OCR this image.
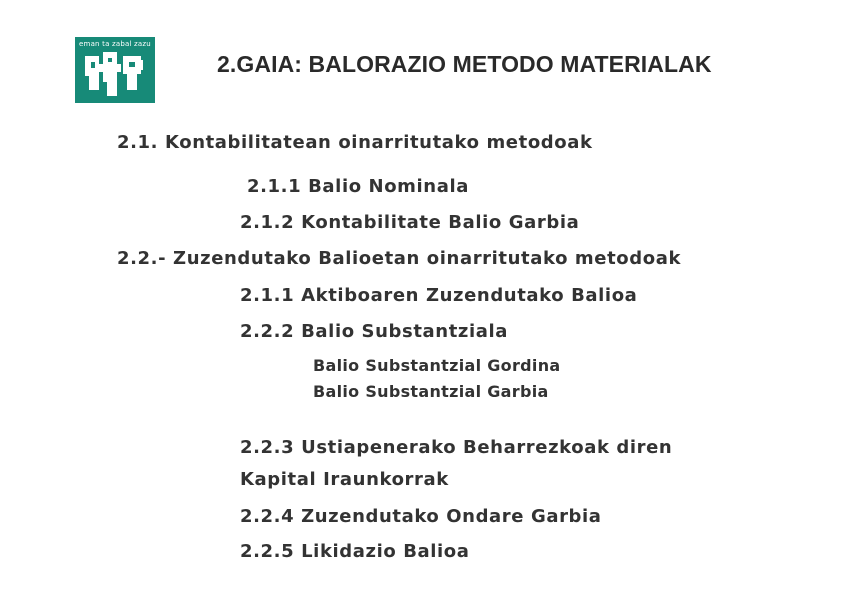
eman ta zabal zazu
2.GAIA: BALORAZIO METODO MATERIALAK
2.1. Kontabilitatean oinarritutako metodoak
2.1.1 Balio Nominala
2.1.2 Kontabilitate Balio Garbia
2.2.- Zuzendutako Balioetan oinarritutako metodoak
2.1.1 Aktiboaren Zuzendutako Balioa
2.2.2 Balio Substantziala
Balio Substantzial Gordina
Balio Substantzial Garbia
2.2.3 Ustiapenerako Beharrezkoak diren
Kapital Iraunkorrak
2.2.4 Zuzendutako Ondare Garbia
2.2.5 Likidazio Balioa
